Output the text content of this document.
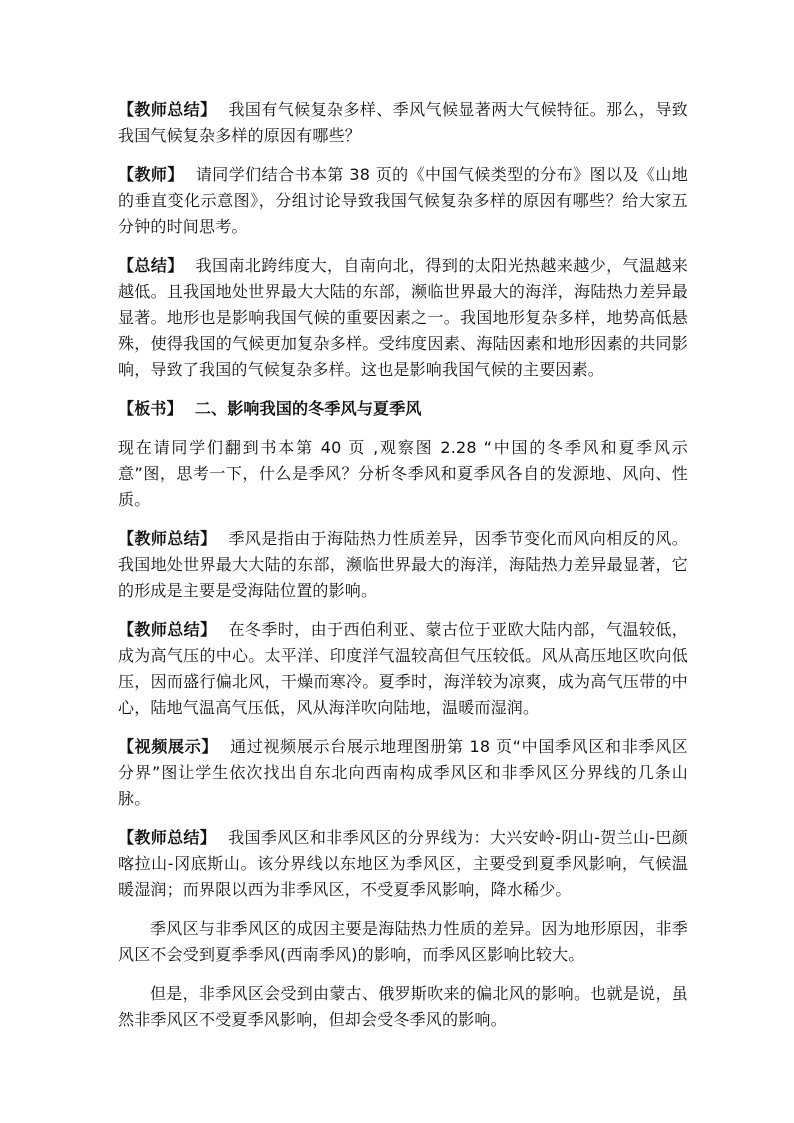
【教师总结】 我国有气候复杂多样、季风气候显著两大气候特征。那么，导致我国气候复杂多样的原因有哪些？

【教师】 请同学们结合书本第 38 页的《中国气候类型的分布》图以及《山地的垂直变化示意图》，分组讨论导致我国气候复杂多样的原因有哪些？给大家五分钟的时间思考。

【总结】 我国南北跨纬度大，自南向北，得到的太阳光热越来越少，气温越来越低。且我国地处世界最大大陆的东部，濒临世界最大的海洋，海陆热力差异最显著。地形也是影响我国气候的重要因素之一。我国地形复杂多样，地势高低悬殊，使得我国的气候更加复杂多样。受纬度因素、海陆因素和地形因素的共同影响，导致了我国的气候复杂多样。这也是影响我国气候的主要因素。

【板书】 二、影响我国的冬季风与夏季风

现在请同学们翻到书本第 40 页 ,观察图 2.28 “中国的冬季风和夏季风示意”图，思考一下，什么是季风？分析冬季风和夏季风各自的发源地、风向、性质。

【教师总结】 季风是指由于海陆热力性质差异，因季节变化而风向相反的风。我国地处世界最大大陆的东部，濒临世界最大的海洋，海陆热力差异最显著，它的形成是主要是受海陆位置的影响。

【教师总结】 在冬季时，由于西伯利亚、蒙古位于亚欧大陆内部，气温较低，成为高气压的中心。太平洋、印度洋气温较高但气压较低。风从高压地区吹向低压，因而盛行偏北风，干燥而寒冷。夏季时，海洋较为凉爽，成为高气压带的中心，陆地气温高气压低，风从海洋吹向陆地，温暖而湿润。

【视频展示】 通过视频展示台展示地理图册第 18 页“中国季风区和非季风区分界”图让学生依次找出自东北向西南构成季风区和非季风区分界线的几条山脉。

【教师总结】 我国季风区和非季风区的分界线为：大兴安岭-阴山-贺兰山-巴颜喀拉山-冈底斯山。该分界线以东地区为季风区，主要受到夏季风影响，气候温暖湿润；而界限以西为非季风区，不受夏季风影响，降水稀少。

季风区与非季风区的成因主要是海陆热力性质的差异。因为地形原因，非季风区不会受到夏季季风(西南季风)的影响，而季风区影响比较大。

但是，非季风区会受到由蒙古、俄罗斯吹来的偏北风的影响。也就是说，虽然非季风区不受夏季风影响，但却会受冬季风的影响。
